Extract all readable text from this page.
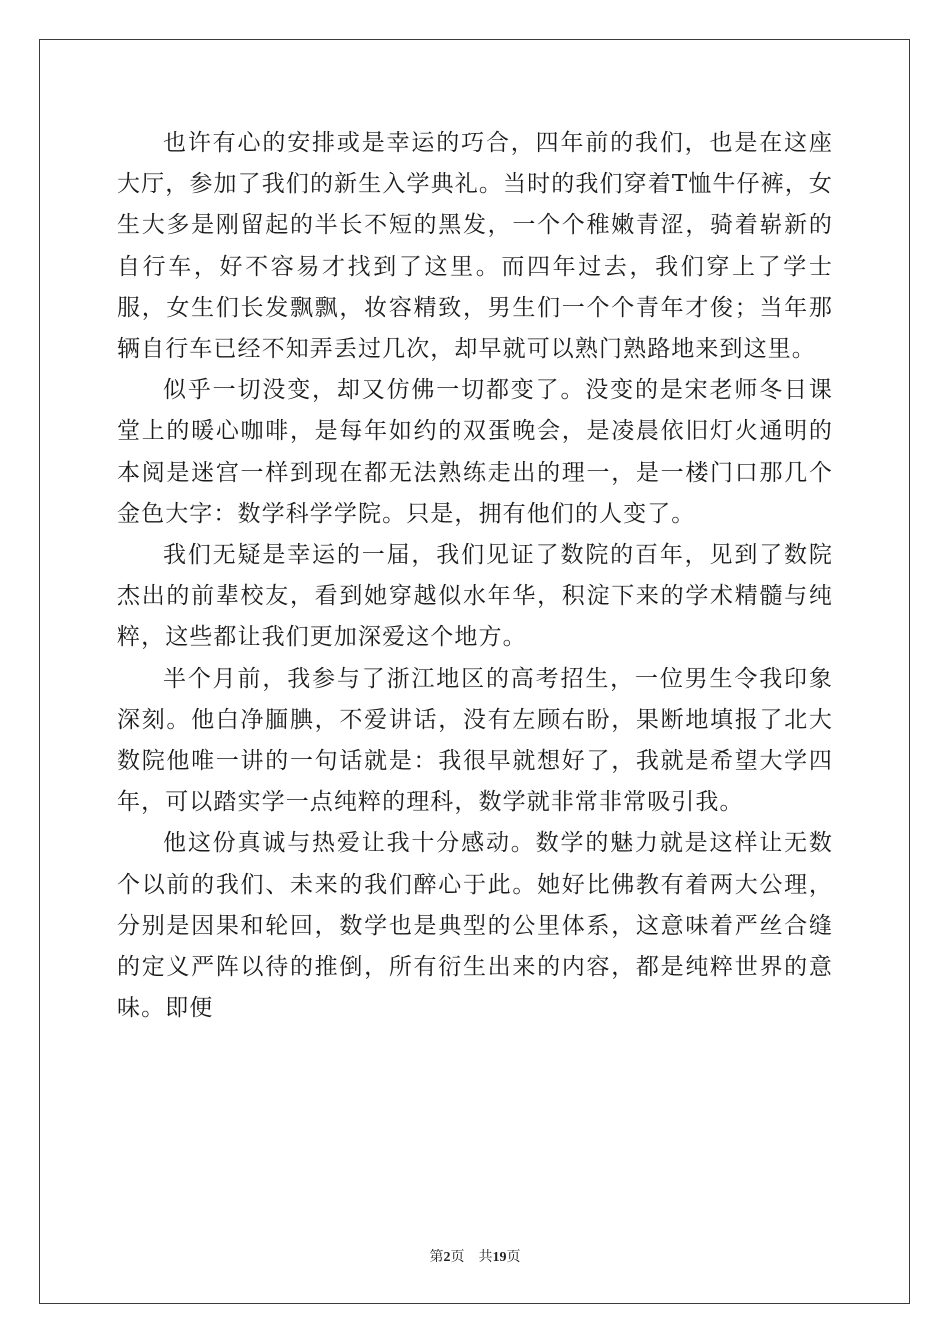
也许有心的安排或是幸运的巧合，四年前的我们，也是在这座大厅，参加了我们的新生入学典礼。当时的我们穿着T恤牛仔裤，女生大多是刚留起的半长不短的黑发，一个个稚嫩青涩，骑着崭新的自行车，好不容易才找到了这里。而四年过去，我们穿上了学士服，女生们长发飘飘，妆容精致，男生们一个个青年才俊；当年那辆自行车已经不知弄丢过几次，却早就可以熟门熟路地来到这里。

似乎一切没变，却又仿佛一切都变了。没变的是宋老师冬日课堂上的暖心咖啡，是每年如约的双蛋晚会，是凌晨依旧灯火通明的本阅是迷宫一样到现在都无法熟练走出的理一，是一楼门口那几个金色大字：数学科学学院。只是，拥有他们的人变了。

我们无疑是幸运的一届，我们见证了数院的百年，见到了数院杰出的前辈校友，看到她穿越似水年华，积淀下来的学术精髓与纯粹，这些都让我们更加深爱这个地方。

半个月前，我参与了浙江地区的高考招生，一位男生令我印象深刻。他白净腼腆，不爱讲话，没有左顾右盼，果断地填报了北大数院他唯一讲的一句话就是：我很早就想好了，我就是希望大学四年，可以踏实学一点纯粹的理科，数学就非常非常吸引我。

他这份真诚与热爱让我十分感动。数学的魅力就是这样让无数个以前的我们、未来的我们醉心于此。她好比佛教有着两大公理，分别是因果和轮回，数学也是典型的公里体系，这意味着严丝合缝的定义严阵以待的推倒，所有衍生出来的内容，都是纯粹世界的意味。即便

第2页 共19页
